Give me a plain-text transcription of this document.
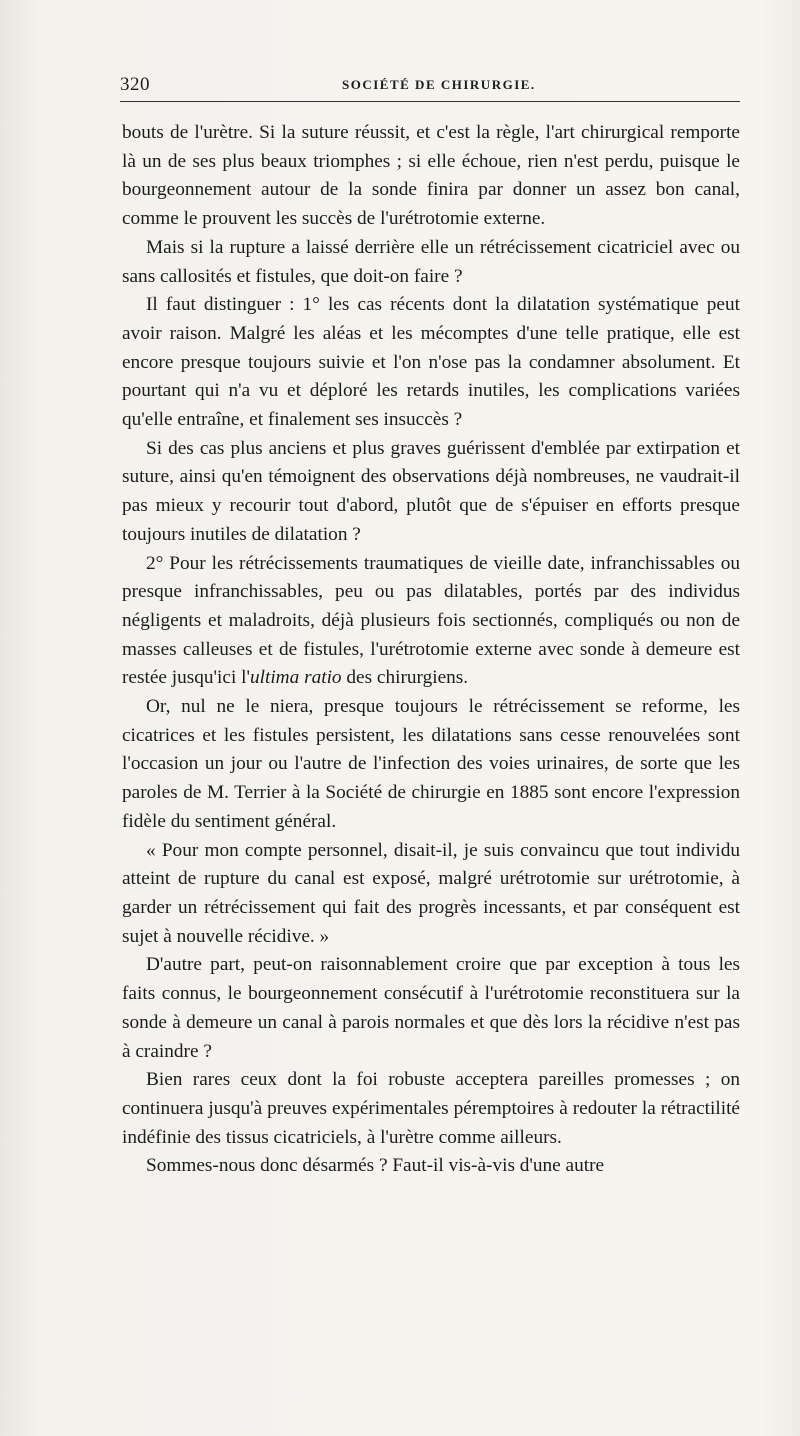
320	SOCIÉTÉ DE CHIRURGIE.

bouts de l'urètre. Si la suture réussit, et c'est la règle, l'art chirurgical remporte là un de ses plus beaux triomphes ; si elle échoue, rien n'est perdu, puisque le bourgeonnement autour de la sonde finira par donner un assez bon canal, comme le prouvent les succès de l'urétrotomie externe.

Mais si la rupture a laissé derrière elle un rétrécissement cicatriciel avec ou sans callosités et fistules, que doit-on faire ?

Il faut distinguer : 1° les cas récents dont la dilatation systématique peut avoir raison. Malgré les aléas et les mécomptes d'une telle pratique, elle est encore presque toujours suivie et l'on n'ose pas la condamner absolument. Et pourtant qui n'a vu et déploré les retards inutiles, les complications variées qu'elle entraîne, et finalement ses insuccès ?

Si des cas plus anciens et plus graves guérissent d'emblée par extirpation et suture, ainsi qu'en témoignent des observations déjà nombreuses, ne vaudrait-il pas mieux y recourir tout d'abord, plutôt que de s'épuiser en efforts presque toujours inutiles de dilatation ?

2° Pour les rétrécissements traumatiques de vieille date, infranchissables ou presque infranchissables, peu ou pas dilatables, portés par des individus négligents et maladroits, déjà plusieurs fois sectionnés, compliqués ou non de masses calleuses et de fistules, l'urétrotomie externe avec sonde à demeure est restée jusqu'ici l'ultima ratio des chirurgiens.

Or, nul ne le niera, presque toujours le rétrécissement se reforme, les cicatrices et les fistules persistent, les dilatations sans cesse renouvelées sont l'occasion un jour ou l'autre de l'infection des voies urinaires, de sorte que les paroles de M. Terrier à la Société de chirurgie en 1885 sont encore l'expression fidèle du sentiment général.

« Pour mon compte personnel, disait-il, je suis convaincu que tout individu atteint de rupture du canal est exposé, malgré urétrotomie sur urétrotomie, à garder un rétrécissement qui fait des progrès incessants, et par conséquent est sujet à nouvelle récidive. »

D'autre part, peut-on raisonnablement croire que par exception à tous les faits connus, le bourgeonnement consécutif à l'urétrotomie reconstituera sur la sonde à demeure un canal à parois normales et que dès lors la récidive n'est pas à craindre ?

Bien rares ceux dont la foi robuste acceptera pareilles promesses ; on continuera jusqu'à preuves expérimentales péremptoires à redouter la rétractilité indéfinie des tissus cicatriciels, à l'urètre comme ailleurs.

Sommes-nous donc désarmés ? Faut-il vis-à-vis d'une autre
